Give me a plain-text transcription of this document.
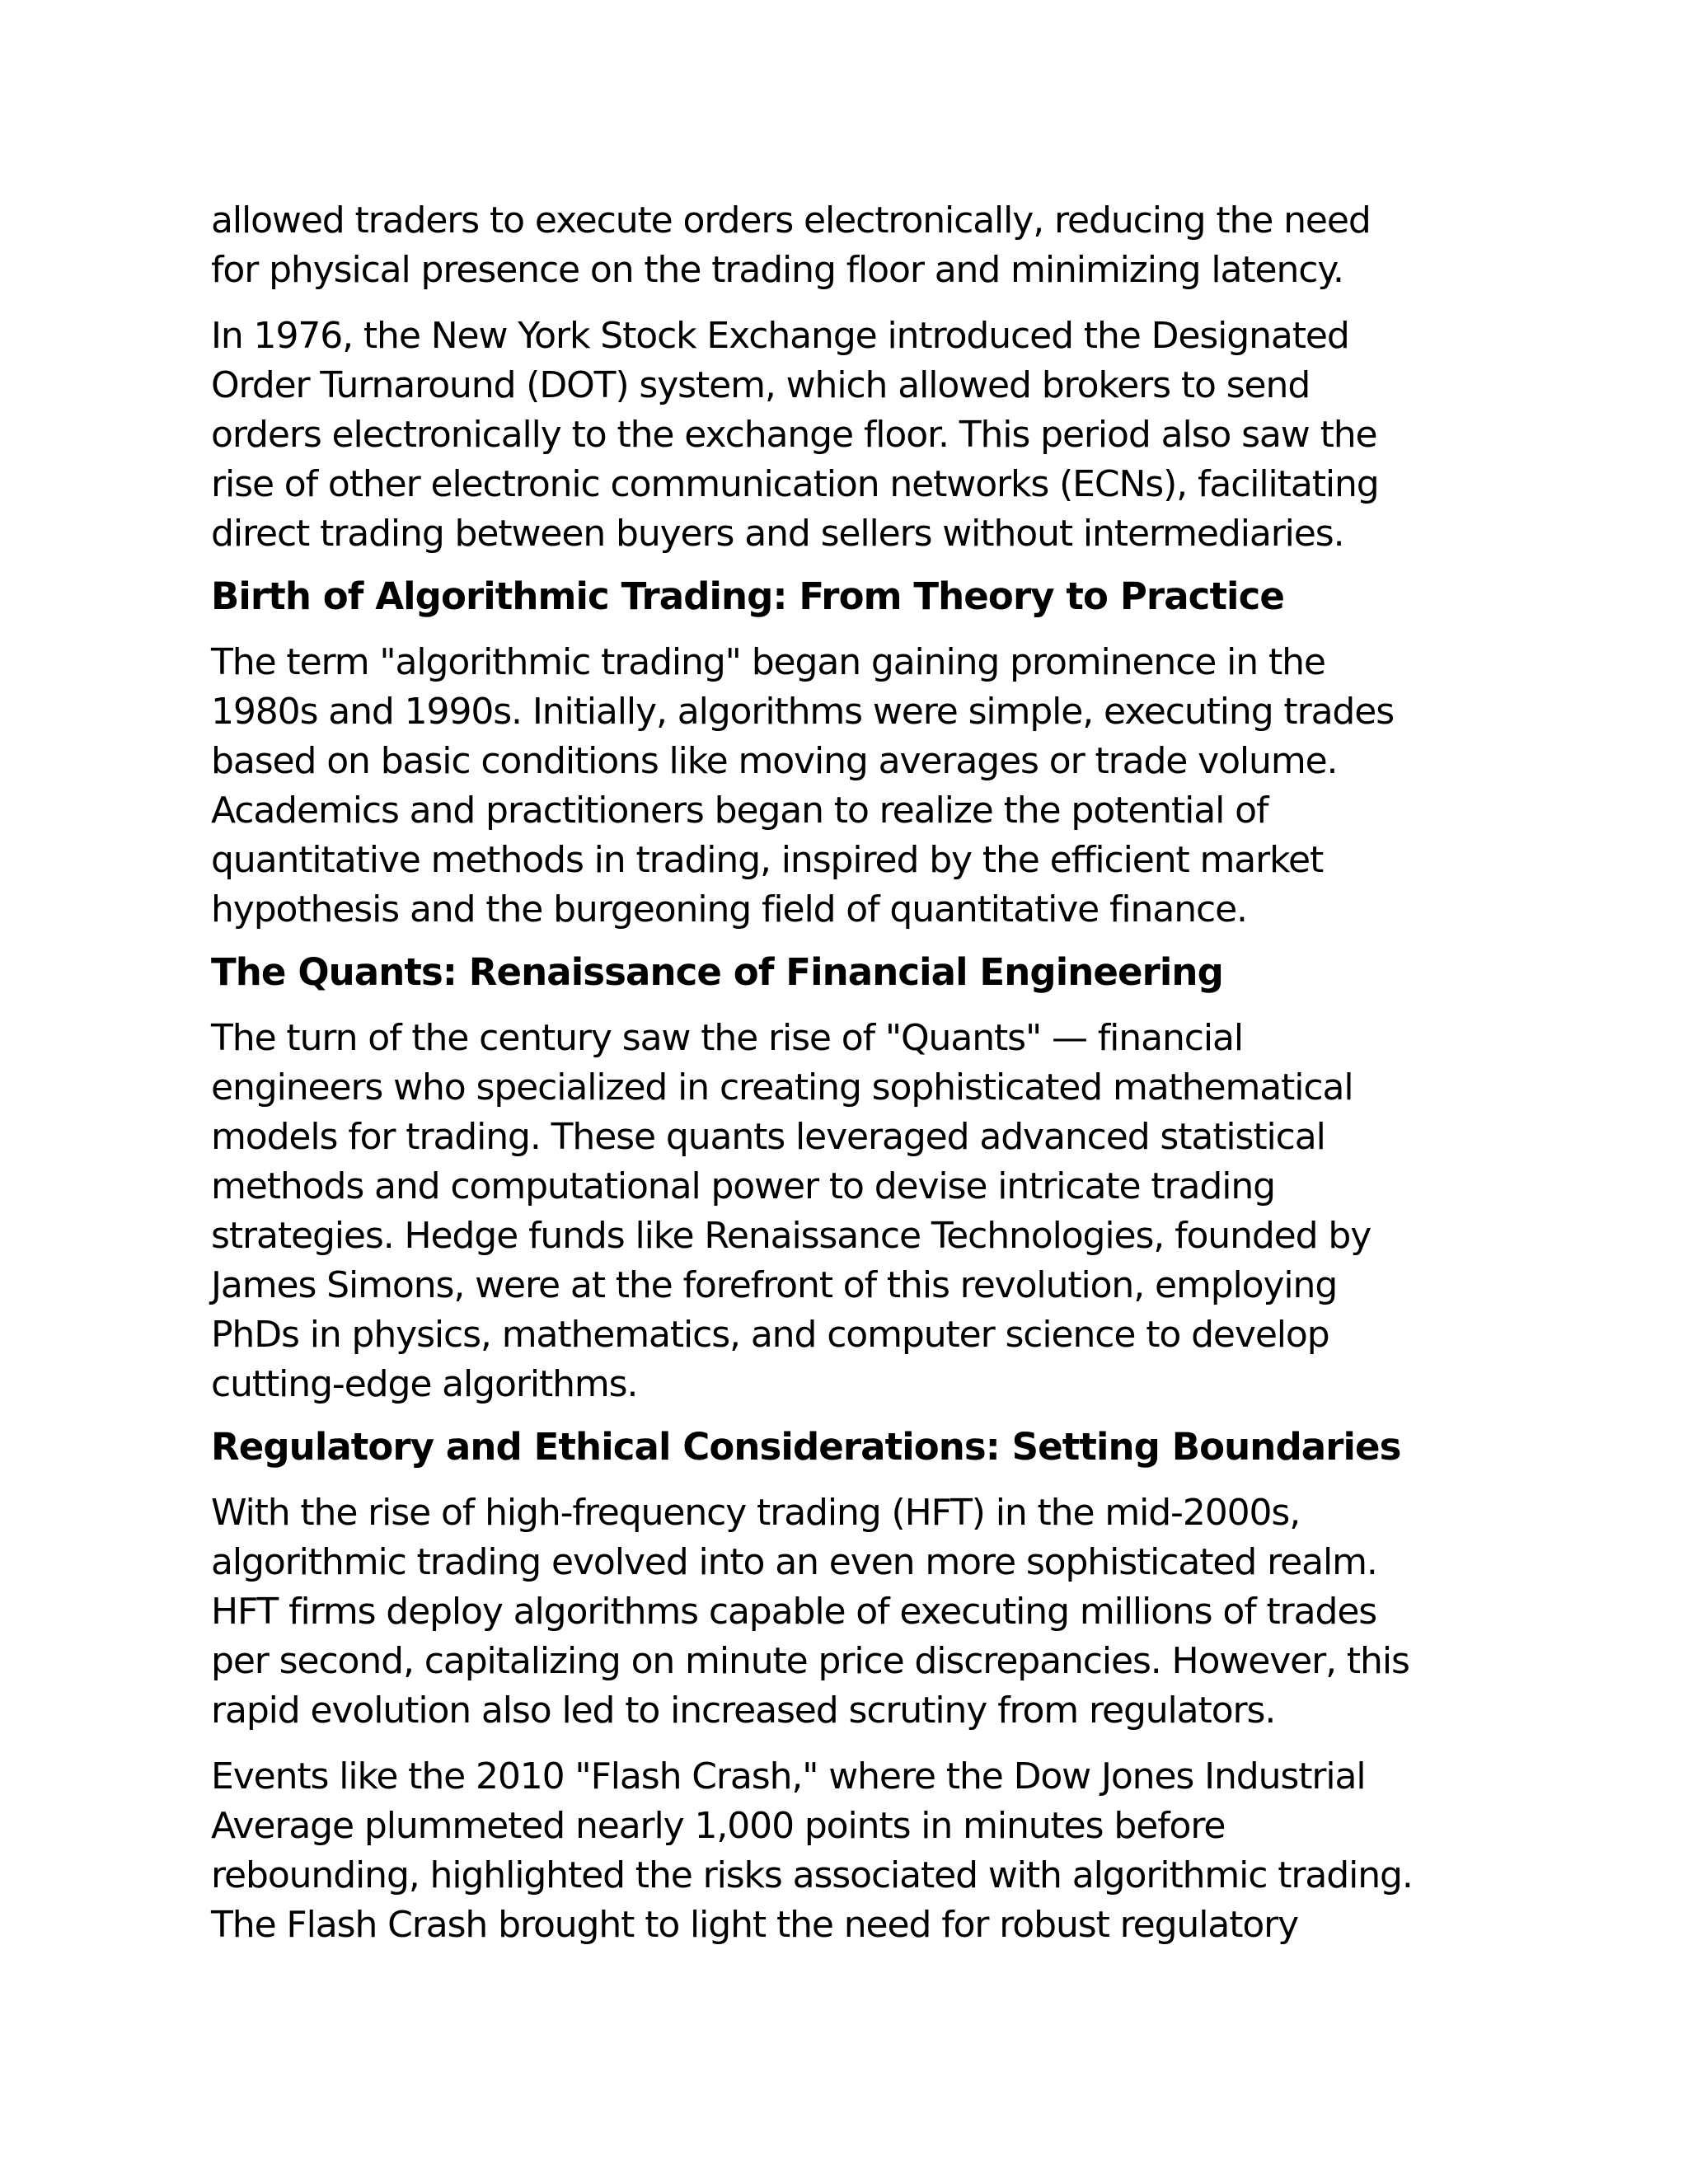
allowed traders to execute orders electronically, reducing the need
for physical presence on the trading floor and minimizing latency.

In 1976, the New York Stock Exchange introduced the Designated
Order Turnaround (DOT) system, which allowed brokers to send
orders electronically to the exchange floor. This period also saw the
rise of other electronic communication networks (ECNs), facilitating
direct trading between buyers and sellers without intermediaries.

Birth of Algorithmic Trading: From Theory to Practice

The term "algorithmic trading" began gaining prominence in the
1980s and 1990s. Initially, algorithms were simple, executing trades
based on basic conditions like moving averages or trade volume.
Academics and practitioners began to realize the potential of
quantitative methods in trading, inspired by the efficient market
hypothesis and the burgeoning field of quantitative finance.

The Quants: Renaissance of Financial Engineering

The turn of the century saw the rise of "Quants" — financial
engineers who specialized in creating sophisticated mathematical
models for trading. These quants leveraged advanced statistical
methods and computational power to devise intricate trading
strategies. Hedge funds like Renaissance Technologies, founded by
James Simons, were at the forefront of this revolution, employing
PhDs in physics, mathematics, and computer science to develop
cutting-edge algorithms.

Regulatory and Ethical Considerations: Setting Boundaries

With the rise of high-frequency trading (HFT) in the mid-2000s,
algorithmic trading evolved into an even more sophisticated realm.
HFT firms deploy algorithms capable of executing millions of trades
per second, capitalizing on minute price discrepancies. However, this
rapid evolution also led to increased scrutiny from regulators.

Events like the 2010 "Flash Crash," where the Dow Jones Industrial
Average plummeted nearly 1,000 points in minutes before
rebounding, highlighted the risks associated with algorithmic trading.
The Flash Crash brought to light the need for robust regulatory
